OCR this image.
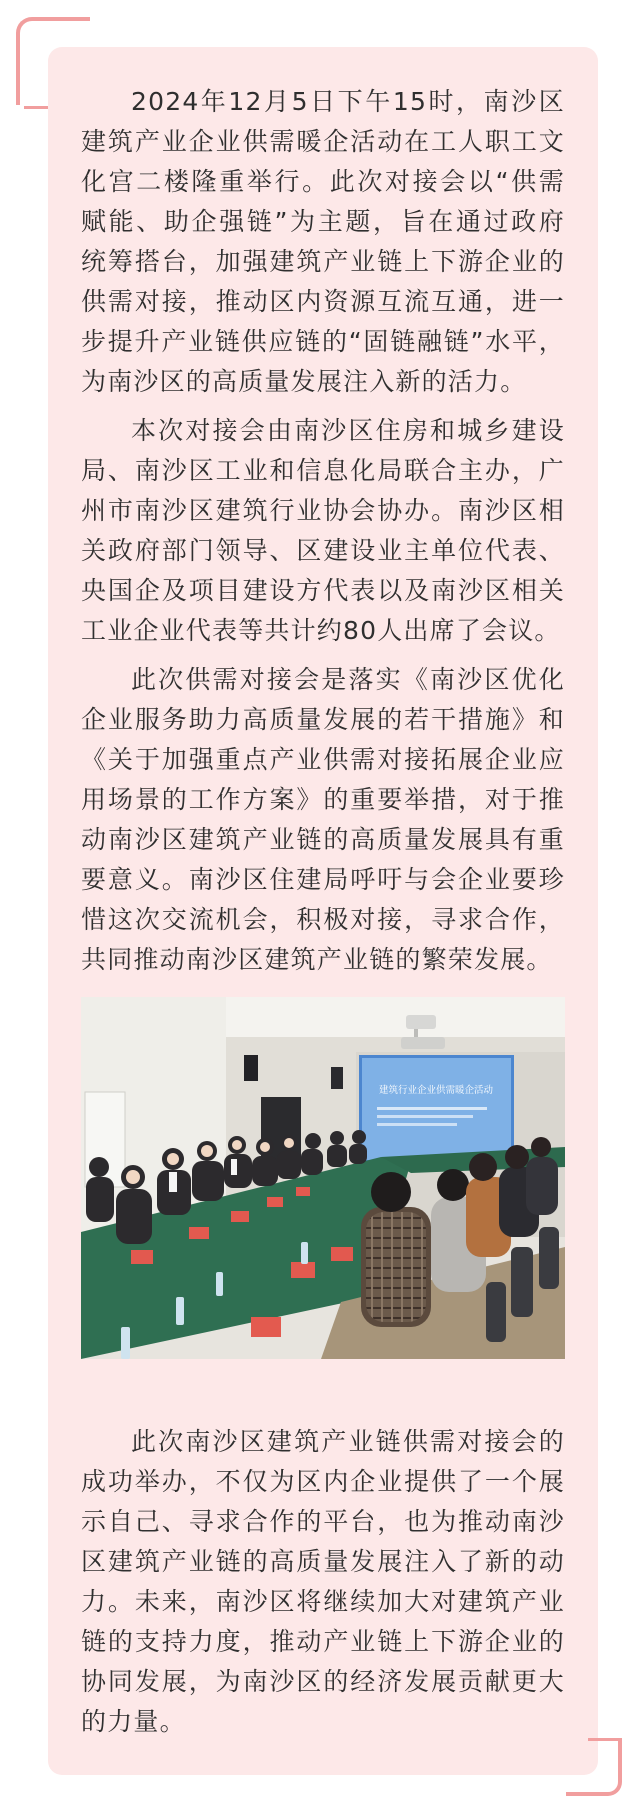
2024年12月5日下午15时，南沙区建筑产业企业供需暖企活动在工人职工文化宫二楼隆重举行。此次对接会以“供需赋能、助企强链”为主题，旨在通过政府统筹搭台，加强建筑产业链上下游企业的供需对接，推动区内资源互流互通，进一步提升产业链供应链的“固链融链”水平，为南沙区的高质量发展注入新的活力。

本次对接会由南沙区住房和城乡建设局、南沙区工业和信息化局联合主办，广州市南沙区建筑行业协会协办。南沙区相关政府部门领导、区建设业主单位代表、央国企及项目建设方代表以及南沙区相关工业企业代表等共计约80人出席了会议。

此次供需对接会是落实《南沙区优化企业服务助力高质量发展的若干措施》和《关于加强重点产业供需对接拓展企业应用场景的工作方案》的重要举措，对于推动南沙区建筑产业链的高质量发展具有重要意义。南沙区住建局呼吁与会企业要珍惜这次交流机会，积极对接，寻求合作，共同推动南沙区建筑产业链的繁荣发展。

建筑行业企业供需暖企活动

此次南沙区建筑产业链供需对接会的成功举办，不仅为区内企业提供了一个展示自己、寻求合作的平台，也为推动南沙区建筑产业链的高质量发展注入了新的动力。未来，南沙区将继续加大对建筑产业链的支持力度，推动产业链上下游企业的协同发展，为南沙区的经济发展贡献更大的力量。
